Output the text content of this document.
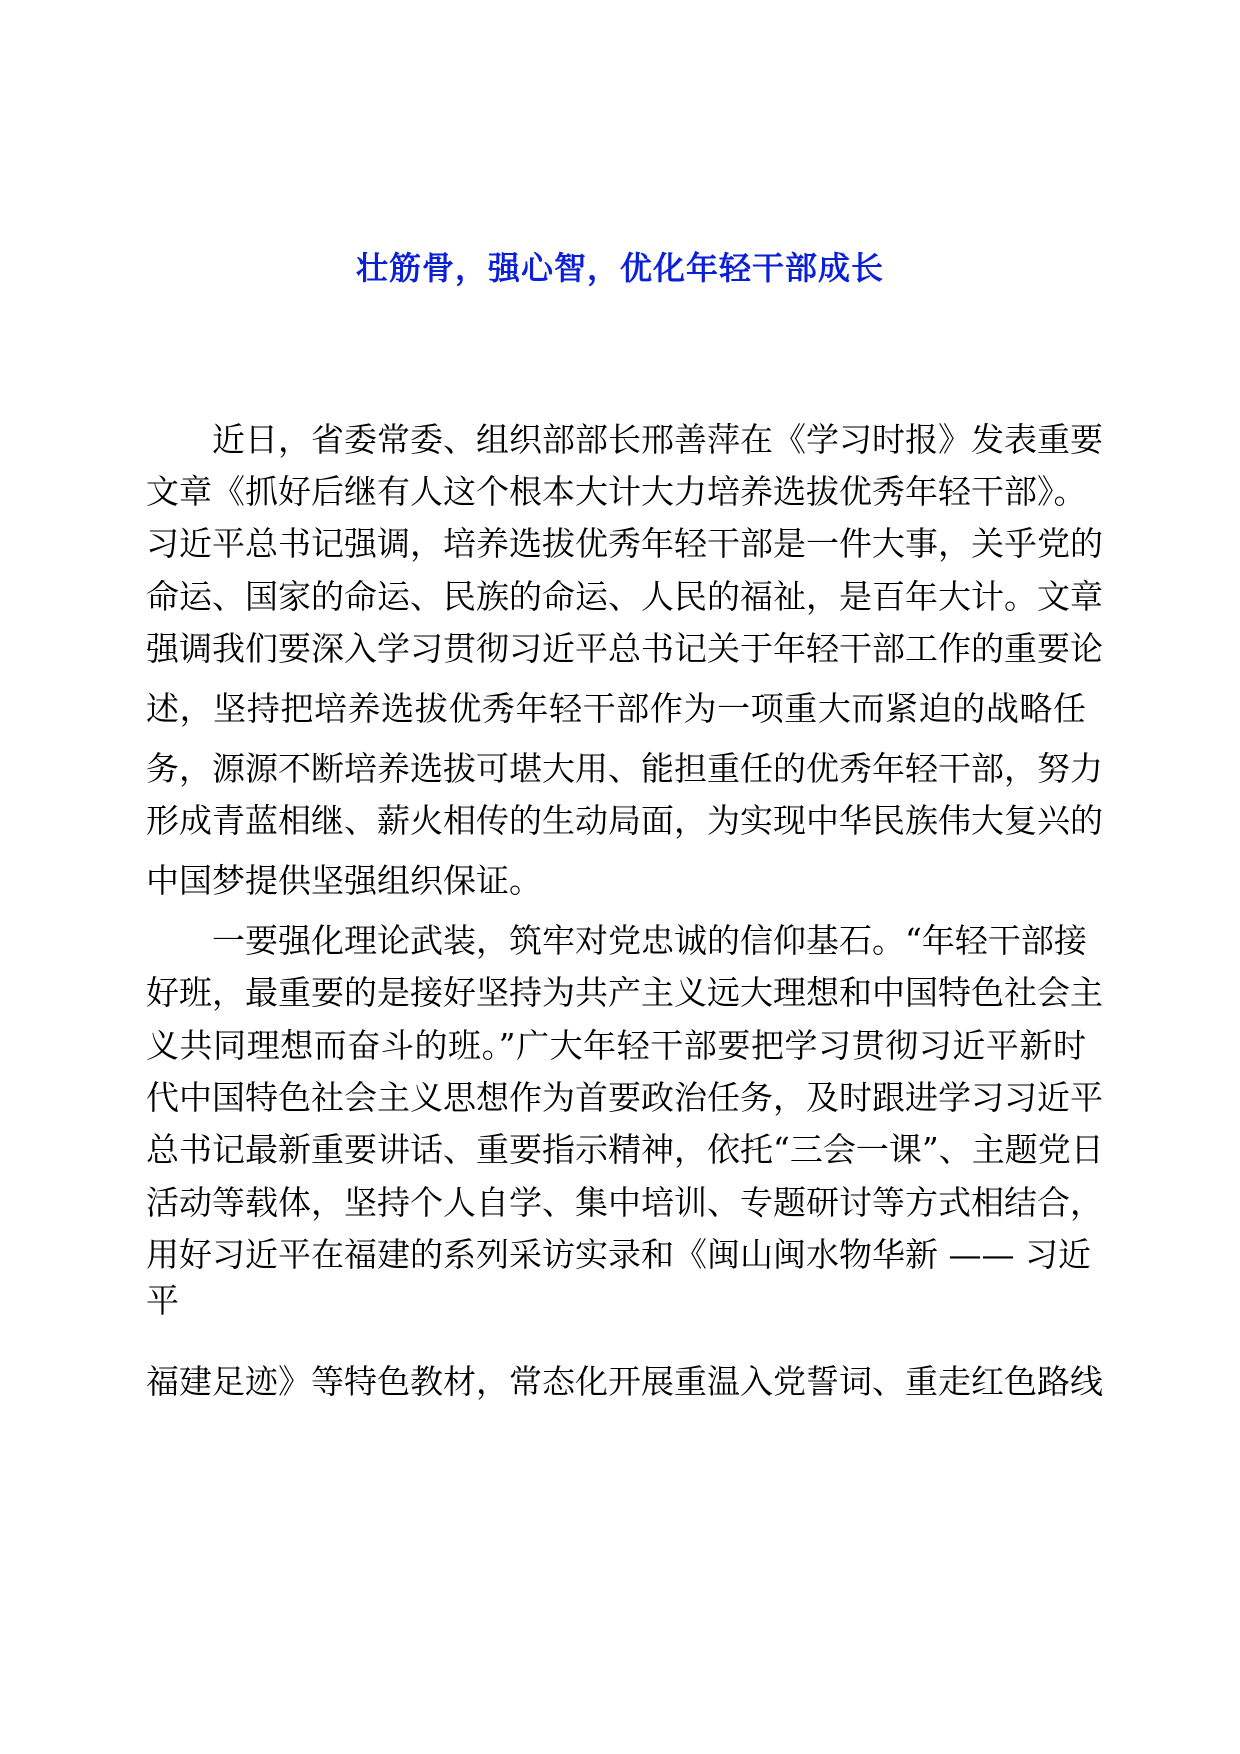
壮筋骨，强心智，优化年轻干部成长
近日，省委常委、组织部部长邢善萍在《学习时报》发表重要
文章《抓好后继有人这个根本大计大力培养选拔优秀年轻干部》。
习近平总书记强调，培养选拔优秀年轻干部是一件大事，关乎党的
命运、国家的命运、民族的命运、人民的福祉，是百年大计。文章
强调我们要深入学习贯彻习近平总书记关于年轻干部工作的重要论
述，坚持把培养选拔优秀年轻干部作为一项重大而紧迫的战略任
务，源源不断培养选拔可堪大用、能担重任的优秀年轻干部，努力
形成青蓝相继、薪火相传的生动局面，为实现中华民族伟大复兴的
中国梦提供坚强组织保证。
一要强化理论武装，筑牢对党忠诚的信仰基石。“年轻干部接
好班，最重要的是接好坚持为共产主义远大理想和中国特色社会主
义共同理想而奋斗的班。”广大年轻干部要把学习贯彻习近平新时
代中国特色社会主义思想作为首要政治任务，及时跟进学习习近平
总书记最新重要讲话、重要指示精神，依托“三会一课”、主题党日
活动等载体，坚持个人自学、集中培训、专题研讨等方式相结合，
用好习近平在福建的系列采访实录和《闽山闽水物华新 —— 习近
平
福建足迹》等特色教材，常态化开展重温入党誓词、重走红色路线
